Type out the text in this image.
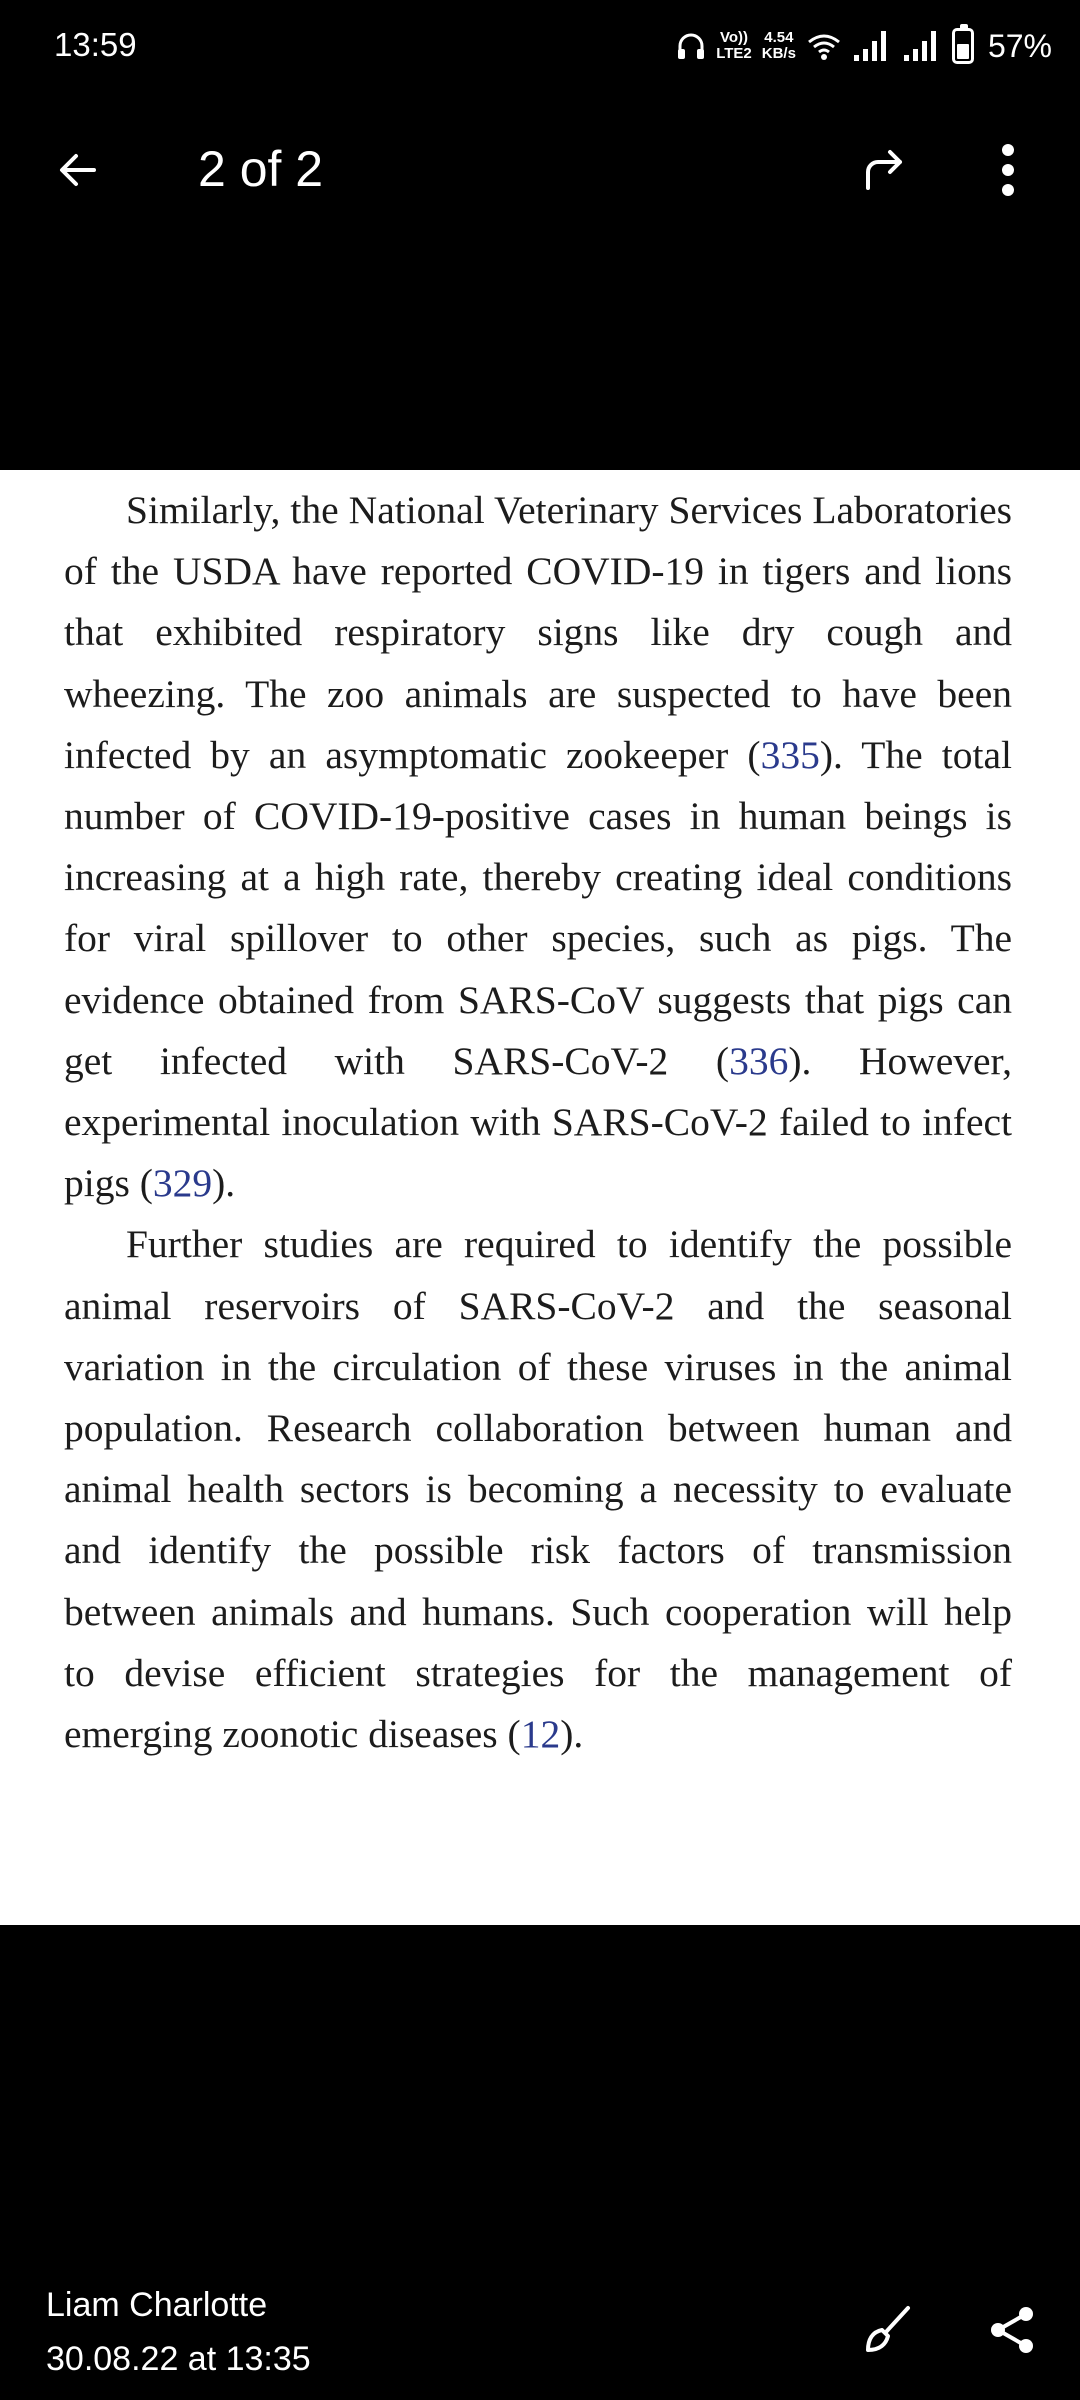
13:59	Vo))
LTE2
4.54
KB/s	57%
2 of 2

Similarly, the National Veterinary Services Laboratories of the USDA have reported COVID-19 in tigers and lions that exhibited respiratory signs like dry cough and wheezing. The zoo animals are suspected to have been infected by an asymptomatic zookeeper (335). The total number of COVID-19-positive cases in human beings is increasing at a high rate, thereby creating ideal conditions for viral spillover to other species, such as pigs. The evidence obtained from SARS-CoV suggests that pigs can get infected with SARS-CoV-2 (336). However, experimental inoculation with SARS-CoV-2 failed to infect pigs (329).

Further studies are required to identify the possible animal reservoirs of SARS-CoV-2 and the seasonal variation in the circulation of these viruses in the animal population. Research collaboration between human and animal health sectors is becoming a necessity to evaluate and identify the possible risk factors of transmission between animals and humans. Such cooperation will help to devise efficient strategies for the management of emerging zoonotic diseases (12).

Liam Charlotte
30.08.22 at 13:35
